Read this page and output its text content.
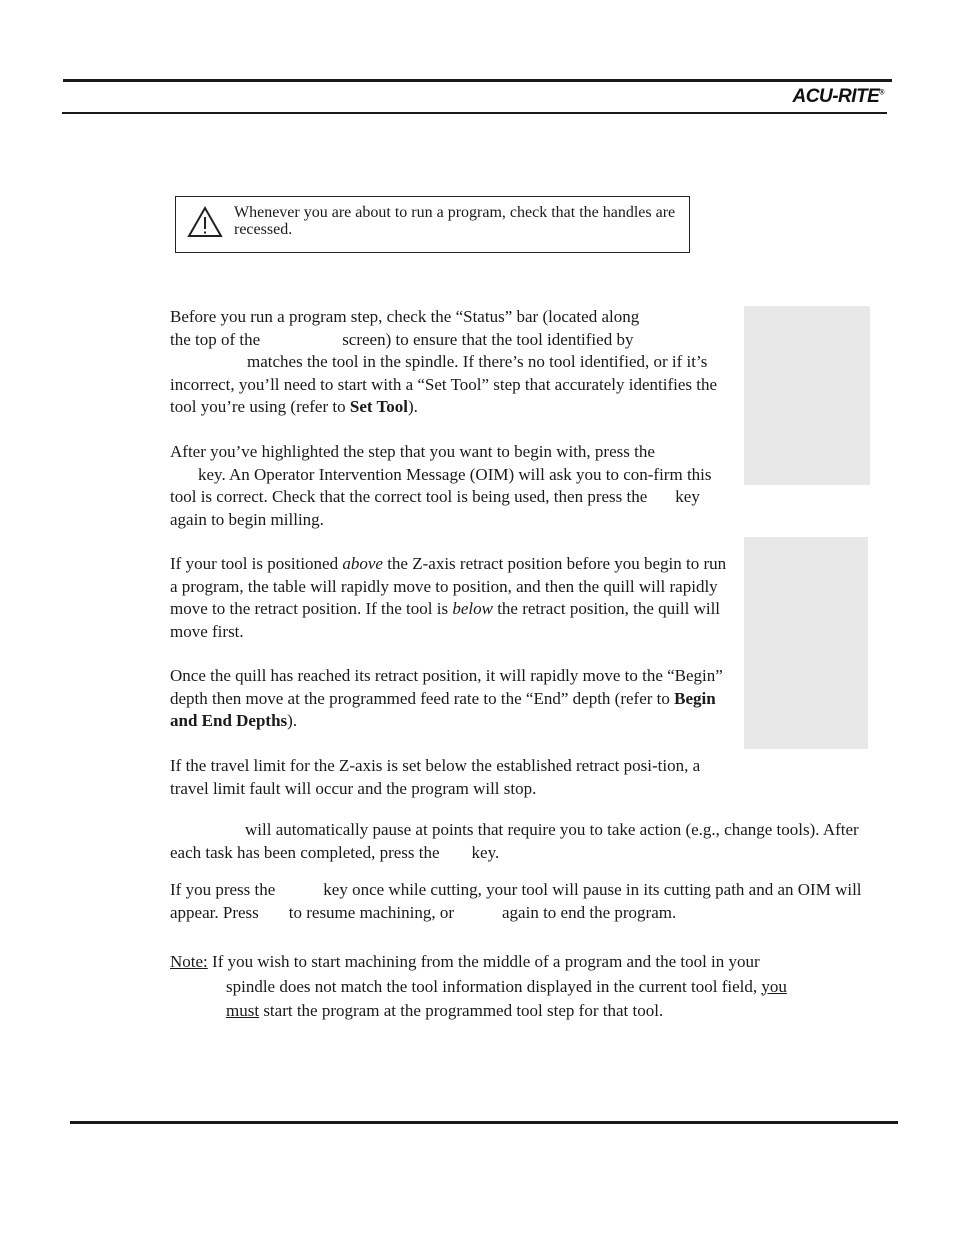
ACU-RITE®
Whenever you are about to run a program, check that the handles are recessed.

Before you run a program step, check the “Status” bar (located along
the top of the	screen) to ensure that the tool identified by
matches the tool in the spindle. If there’s no tool identified, or if it’s incorrect, you’ll need to start with a “Set Tool” step that accurately identifies the tool you’re using (refer to Set Tool).

After you’ve highlighted the step that you want to begin with, press the
key. An Operator Intervention Message (OIM) will ask you to con-firm this tool is correct. Check that the correct tool is being used, then press the key again to begin milling.

If your tool is positioned above the Z-axis retract position before you begin to run a program, the table will rapidly move to position, and then the quill will rapidly move to the retract position. If the tool is below the retract position, the quill will move first.

Once the quill has reached its retract position, it will rapidly move to the “Begin” depth then move at the programmed feed rate to the “End” depth (refer to Begin and End Depths).

If the travel limit for the Z-axis is set below the established retract posi-tion, a travel limit fault will occur and the program will stop.

will automatically pause at points that require you to take action (e.g., change tools). After each task has been completed, press the key.

If you press the	key once while cutting, your tool will pause in its cutting path and an OIM will appear. Press to resume machining, or	again to end the program.

Note: If you wish to start machining from the middle of a program and the tool in your
spindle does not match the tool information displayed in the current tool field, you
must start the program at the programmed tool step for that tool.
